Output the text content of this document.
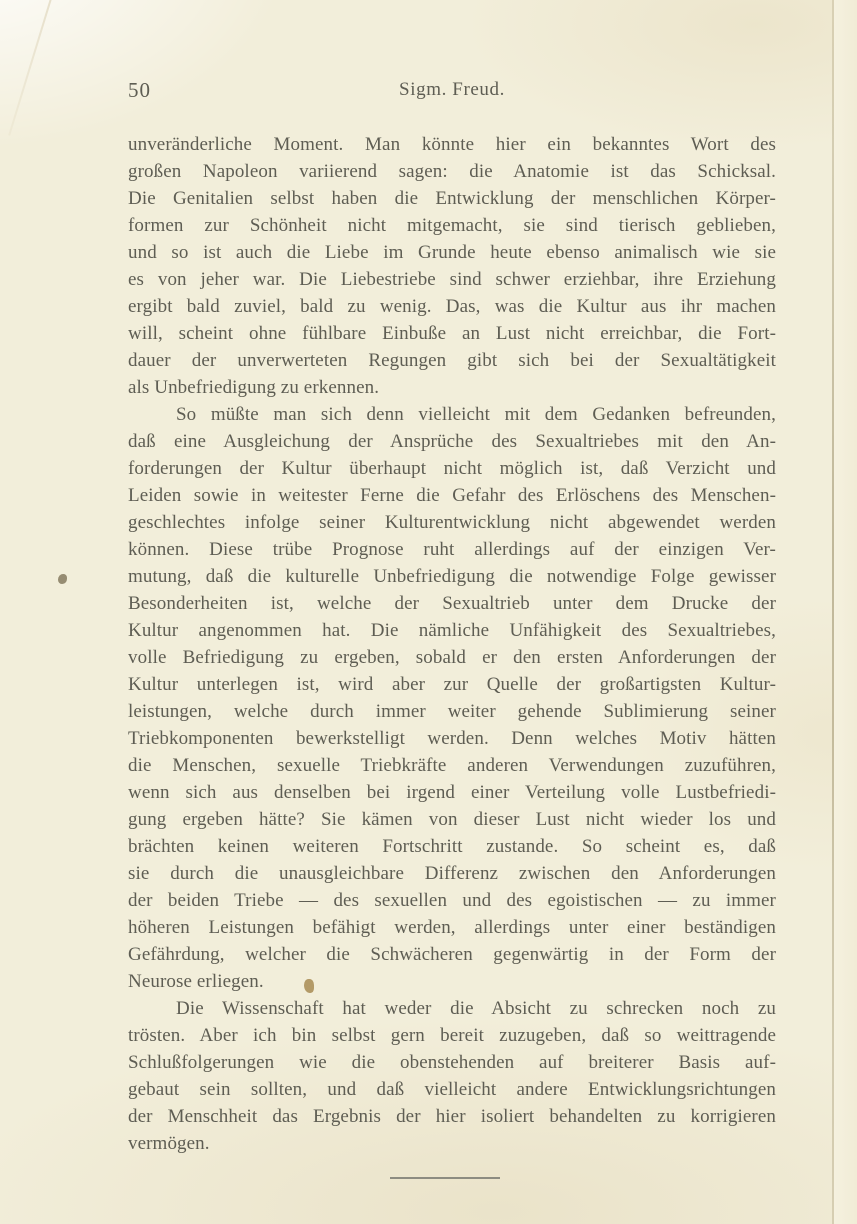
50	Sigm. Freud.
unveränderliche Moment. Man könnte hier ein bekanntes Wort des
großen Napoleon variierend sagen: die Anatomie ist das Schicksal.
Die Genitalien selbst haben die Entwicklung der menschlichen Körper-
formen zur Schönheit nicht mitgemacht, sie sind tierisch geblieben,
und so ist auch die Liebe im Grunde heute ebenso animalisch wie sie
es von jeher war. Die Liebestriebe sind schwer erziehbar, ihre Erziehung
ergibt bald zuviel, bald zu wenig. Das, was die Kultur aus ihr machen
will, scheint ohne fühlbare Einbuße an Lust nicht erreichbar, die Fort-
dauer der unverwerteten Regungen gibt sich bei der Sexualtätigkeit
als Unbefriedigung zu erkennen.
So müßte man sich denn vielleicht mit dem Gedanken befreunden,
daß eine Ausgleichung der Ansprüche des Sexualtriebes mit den An-
forderungen der Kultur überhaupt nicht möglich ist, daß Verzicht und
Leiden sowie in weitester Ferne die Gefahr des Erlöschens des Menschen-
geschlechtes infolge seiner Kulturentwicklung nicht abgewendet werden
können. Diese trübe Prognose ruht allerdings auf der einzigen Ver-
mutung, daß die kulturelle Unbefriedigung die notwendige Folge gewisser
Besonderheiten ist, welche der Sexualtrieb unter dem Drucke der
Kultur angenommen hat. Die nämliche Unfähigkeit des Sexualtriebes,
volle Befriedigung zu ergeben, sobald er den ersten Anforderungen der
Kultur unterlegen ist, wird aber zur Quelle der großartigsten Kultur-
leistungen, welche durch immer weiter gehende Sublimierung seiner
Triebkomponenten bewerkstelligt werden. Denn welches Motiv hätten
die Menschen, sexuelle Triebkräfte anderen Verwendungen zuzuführen,
wenn sich aus denselben bei irgend einer Verteilung volle Lustbefriedi-
gung ergeben hätte? Sie kämen von dieser Lust nicht wieder los und
brächten keinen weiteren Fortschritt zustande. So scheint es, daß
sie durch die unausgleichbare Differenz zwischen den Anforderungen
der beiden Triebe — des sexuellen und des egoistischen — zu immer
höheren Leistungen befähigt werden, allerdings unter einer beständigen
Gefährdung, welcher die Schwächeren gegenwärtig in der Form der
Neurose erliegen.
Die Wissenschaft hat weder die Absicht zu schrecken noch zu
trösten. Aber ich bin selbst gern bereit zuzugeben, daß so weittragende
Schlußfolgerungen wie die obenstehenden auf breiterer Basis auf-
gebaut sein sollten, und daß vielleicht andere Entwicklungsrichtungen
der Menschheit das Ergebnis der hier isoliert behandelten zu korrigieren
vermögen.
